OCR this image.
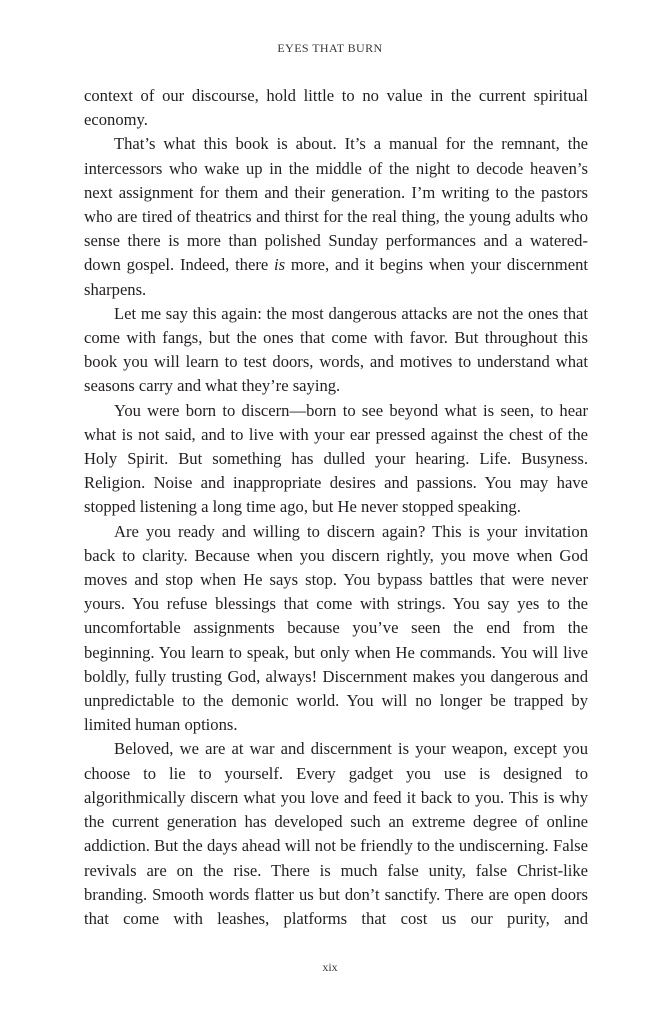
EYES THAT BURN

context of our discourse, hold little to no value in the current spiritual economy.

That’s what this book is about. It’s a manual for the remnant, the intercessors who wake up in the middle of the night to decode heaven’s next assignment for them and their generation. I’m writing to the pastors who are tired of theatrics and thirst for the real thing, the young adults who sense there is more than polished Sunday performances and a watered-down gospel. Indeed, there is more, and it begins when your discernment sharpens.

Let me say this again: the most dangerous attacks are not the ones that come with fangs, but the ones that come with favor. But throughout this book you will learn to test doors, words, and motives to understand what seasons carry and what they’re saying.

You were born to discern—born to see beyond what is seen, to hear what is not said, and to live with your ear pressed against the chest of the Holy Spirit. But something has dulled your hearing. Life. Busyness. Religion. Noise and inappropriate desires and passions. You may have stopped listening a long time ago, but He never stopped speaking.

Are you ready and willing to discern again? This is your invitation back to clarity. Because when you discern rightly, you move when God moves and stop when He says stop. You bypass battles that were never yours. You refuse blessings that come with strings. You say yes to the uncomfortable assignments because you’ve seen the end from the beginning. You learn to speak, but only when He commands. You will live boldly, fully trusting God, always! Discernment makes you dangerous and unpredictable to the demonic world. You will no longer be trapped by limited human options.

Beloved, we are at war and discernment is your weapon, except you choose to lie to yourself. Every gadget you use is designed to algorithmically discern what you love and feed it back to you. This is why the current generation has developed such an extreme degree of online addiction. But the days ahead will not be friendly to the undiscerning. False revivals are on the rise. There is much false unity, false Christ-like branding. Smooth words flatter us but don’t sanctify. There are open doors that come with leashes, platforms that cost us our purity, and

xix
